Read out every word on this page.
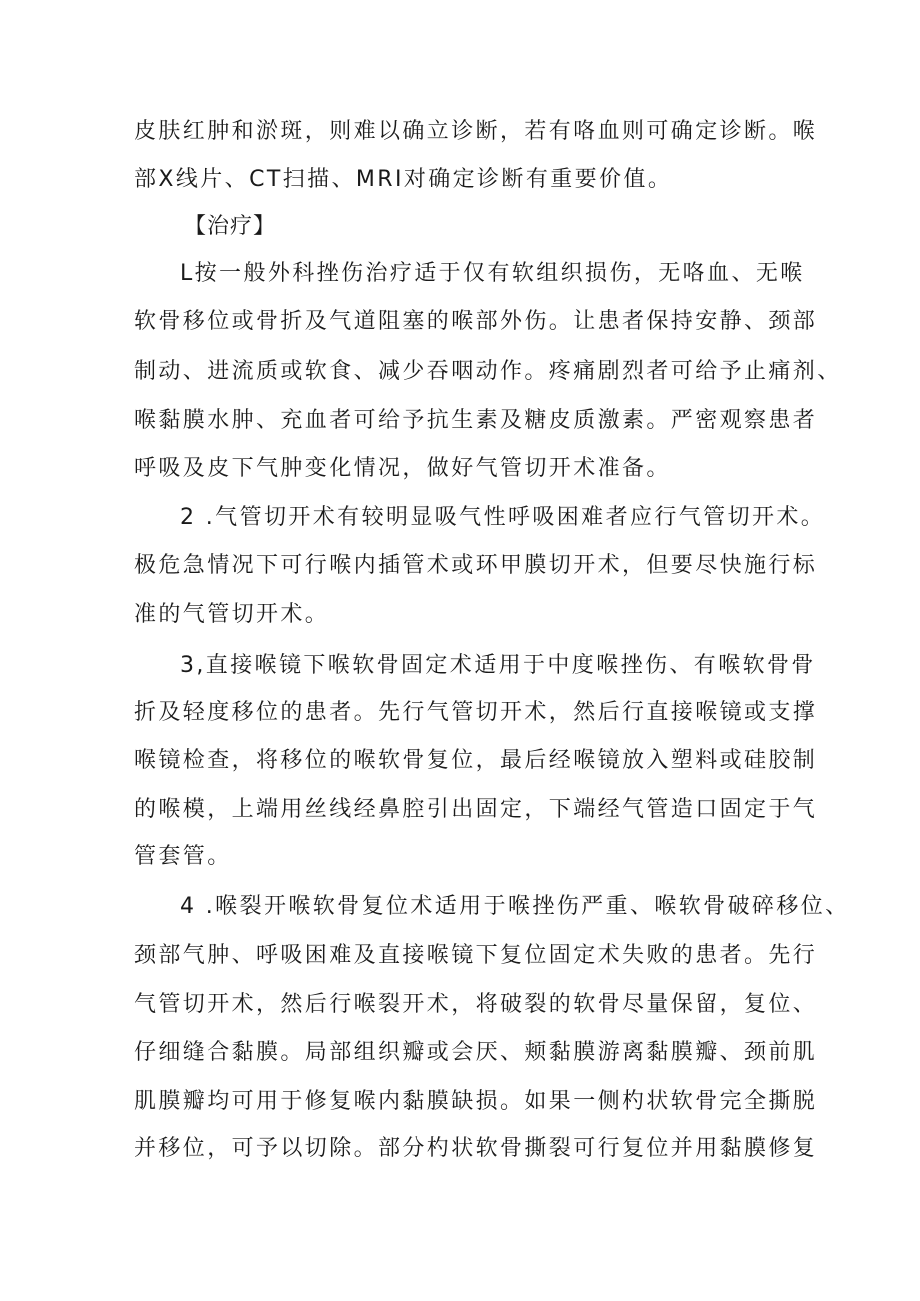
皮肤红肿和淤斑，则难以确立诊断，若有咯血则可确定诊断。喉
部X线片、CT扫描、MRI对确定诊断有重要价值。
【治疗】
L按一般外科挫伤治疗适于仅有软组织损伤，无咯血、无喉
软骨移位或骨折及气道阻塞的喉部外伤。让患者保持安静、颈部
制动、进流质或软食、减少吞咽动作。疼痛剧烈者可给予止痛剂、
喉黏膜水肿、充血者可给予抗生素及糖皮质激素。严密观察患者
呼吸及皮下气肿变化情况，做好气管切开术准备。
2 .气管切开术有较明显吸气性呼吸困难者应行气管切开术。
极危急情况下可行喉内插管术或环甲膜切开术，但要尽快施行标
准的气管切开术。
3,直接喉镜下喉软骨固定术适用于中度喉挫伤、有喉软骨骨
折及轻度移位的患者。先行气管切开术，然后行直接喉镜或支撑
喉镜检查，将移位的喉软骨复位，最后经喉镜放入塑料或硅胶制
的喉模，上端用丝线经鼻腔引出固定，下端经气管造口固定于气
管套管。
4 .喉裂开喉软骨复位术适用于喉挫伤严重、喉软骨破碎移位、
颈部气肿、呼吸困难及直接喉镜下复位固定术失败的患者。先行
气管切开术，然后行喉裂开术，将破裂的软骨尽量保留，复位、
仔细缝合黏膜。局部组织瓣或会厌、颊黏膜游离黏膜瓣、颈前肌
肌膜瓣均可用于修复喉内黏膜缺损。如果一侧杓状软骨完全撕脱
并移位，可予以切除。部分杓状软骨撕裂可行复位并用黏膜修复
